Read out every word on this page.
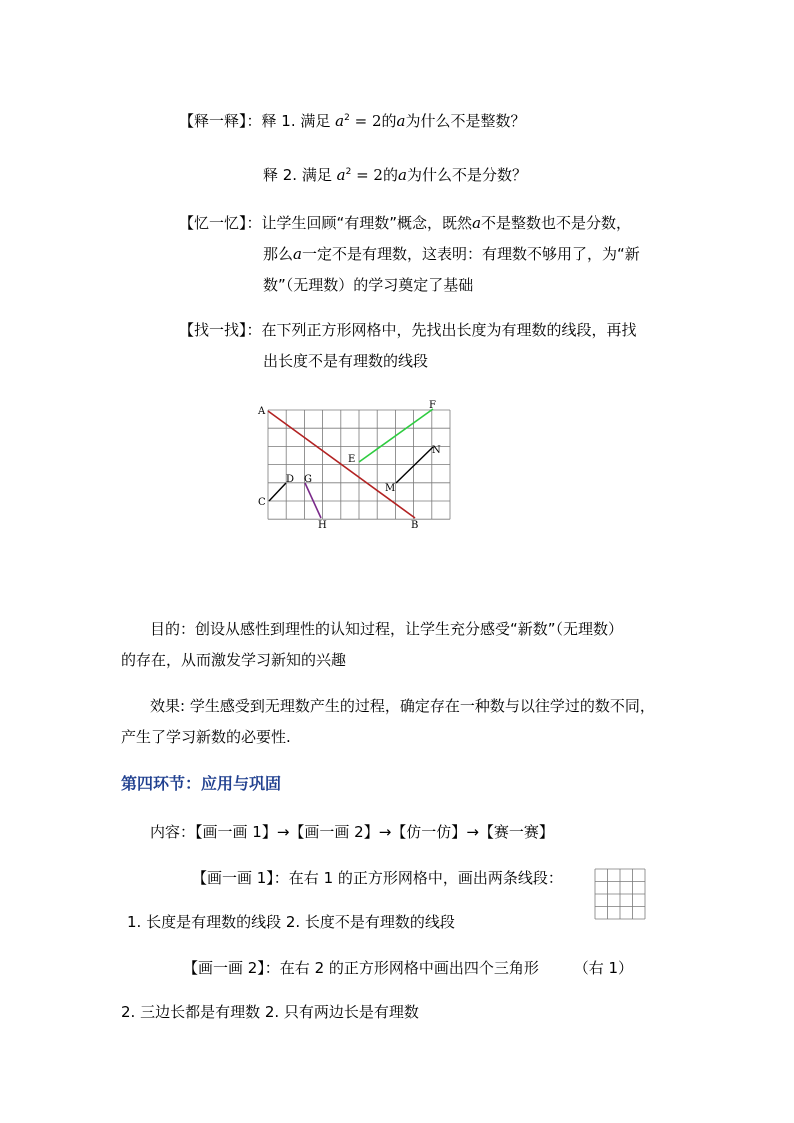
【释一释】：释 1. 满足 $a^2 = 2$的a为什么不是整数？
释 2. 满足 $a^2 = 2$的a为什么不是分数？
【忆一忆】：让学生回顾“有理数”概念，既然a不是整数也不是分数，
那么a一定不是有理数，这表明：有理数不够用了，为“新
数”（无理数）的学习奠定了基础
【找一找】：在下列正方形网格中，先找出长度为有理数的线段，再找
出长度不是有理数的线段
A
B
C
D
E
F
G
H
M
N
目的：创设从感性到理性的认知过程，让学生充分感受“新数”（无理数）
的存在，从而激发学习新知的兴趣
效果: 学生感受到无理数产生的过程，确定存在一种数与以往学过的数不同，
产生了学习新数的必要性.
第四环节：应用与巩固
内容：【画一画 1】→【画一画 2】→【仿一仿】→【赛一赛】
【画一画 1】：在右 1 的正方形网格中，画出两条线段：
1. 长度是有理数的线段 2. 长度不是有理数的线段
【画一画 2】：在右 2 的正方形网格中画出四个三角形 （右 1）
2. 三边长都是有理数 2. 只有两边长是有理数
